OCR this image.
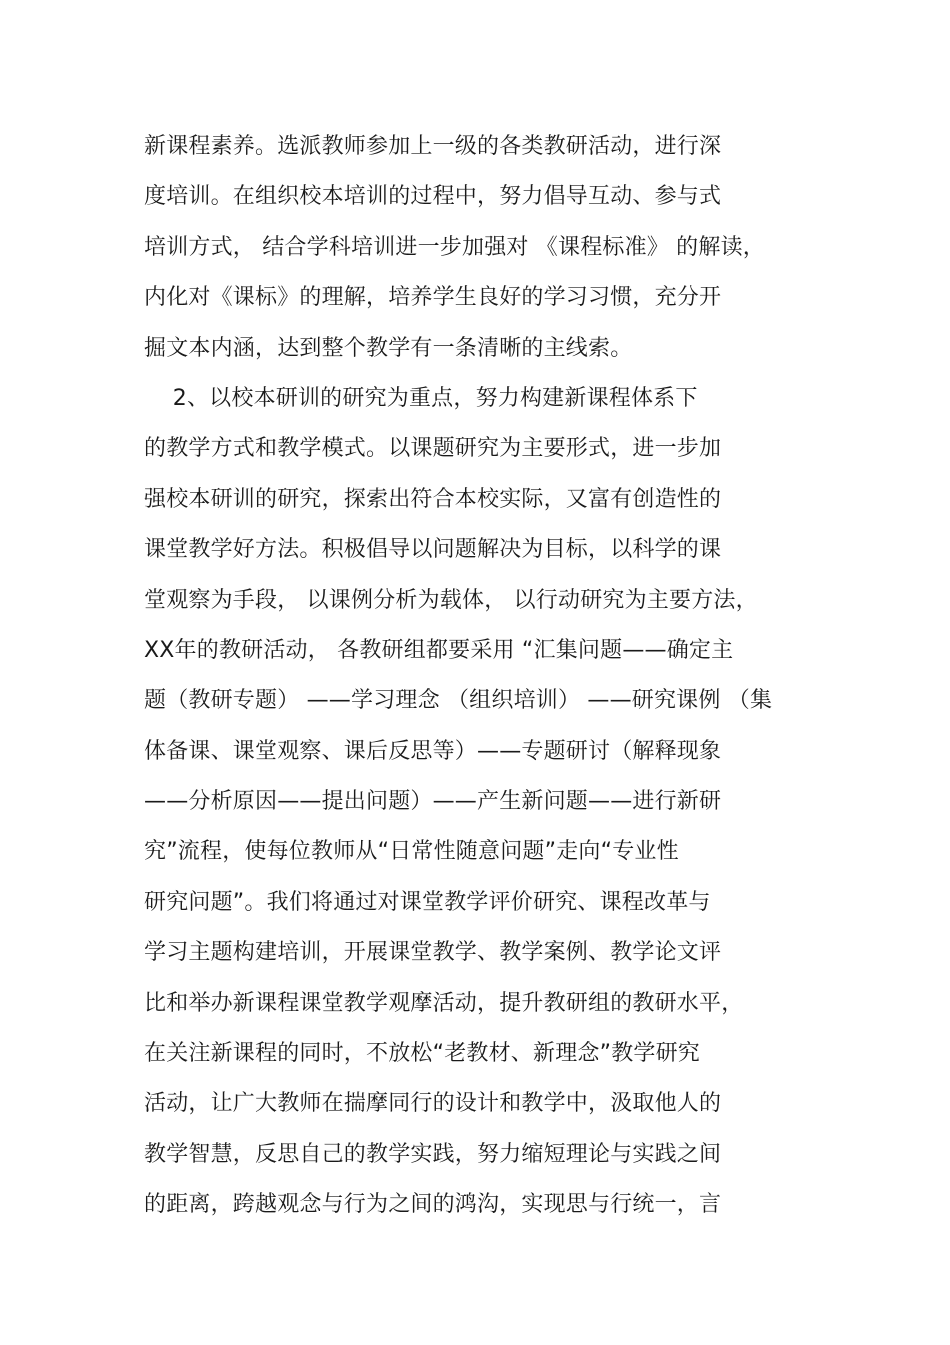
新课程素养。选派教师参加上一级的各类教研活动，进行深
度培训。在组织校本培训的过程中，努力倡导互动、参与式
培训方式， 结合学科培训进一步加强对 《课程标准》 的解读，
内化对《课标》的理解，培养学生良好的学习习惯，充分开
掘文本内涵，达到整个教学有一条清晰的主线索。
2、以校本研训的研究为重点，努力构建新课程体系下
的教学方式和教学模式。以课题研究为主要形式，进一步加
强校本研训的研究，探索出符合本校实际，又富有创造性的
课堂教学好方法。积极倡导以问题解决为目标，以科学的课
堂观察为手段， 以课例分析为载体， 以行动研究为主要方法，
XX年的教研活动， 各教研组都要采用 “汇集问题——确定主
题（教研专题） ——学习理念 （组织培训） ——研究课例 （集
体备课、课堂观察、课后反思等）——专题研讨（解释现象
——分析原因——提出问题）——产生新问题——进行新研
究”流程，使每位教师从“日常性随意问题”走向“专业性
研究问题”。我们将通过对课堂教学评价研究、课程改革与
学习主题构建培训，开展课堂教学、教学案例、教学论文评
比和举办新课程课堂教学观摩活动，提升教研组的教研水平，
在关注新课程的同时，不放松“老教材、新理念”教学研究
活动，让广大教师在揣摩同行的设计和教学中，汲取他人的
教学智慧，反思自己的教学实践，努力缩短理论与实践之间
的距离，跨越观念与行为之间的鸿沟，实现思与行统一，言
